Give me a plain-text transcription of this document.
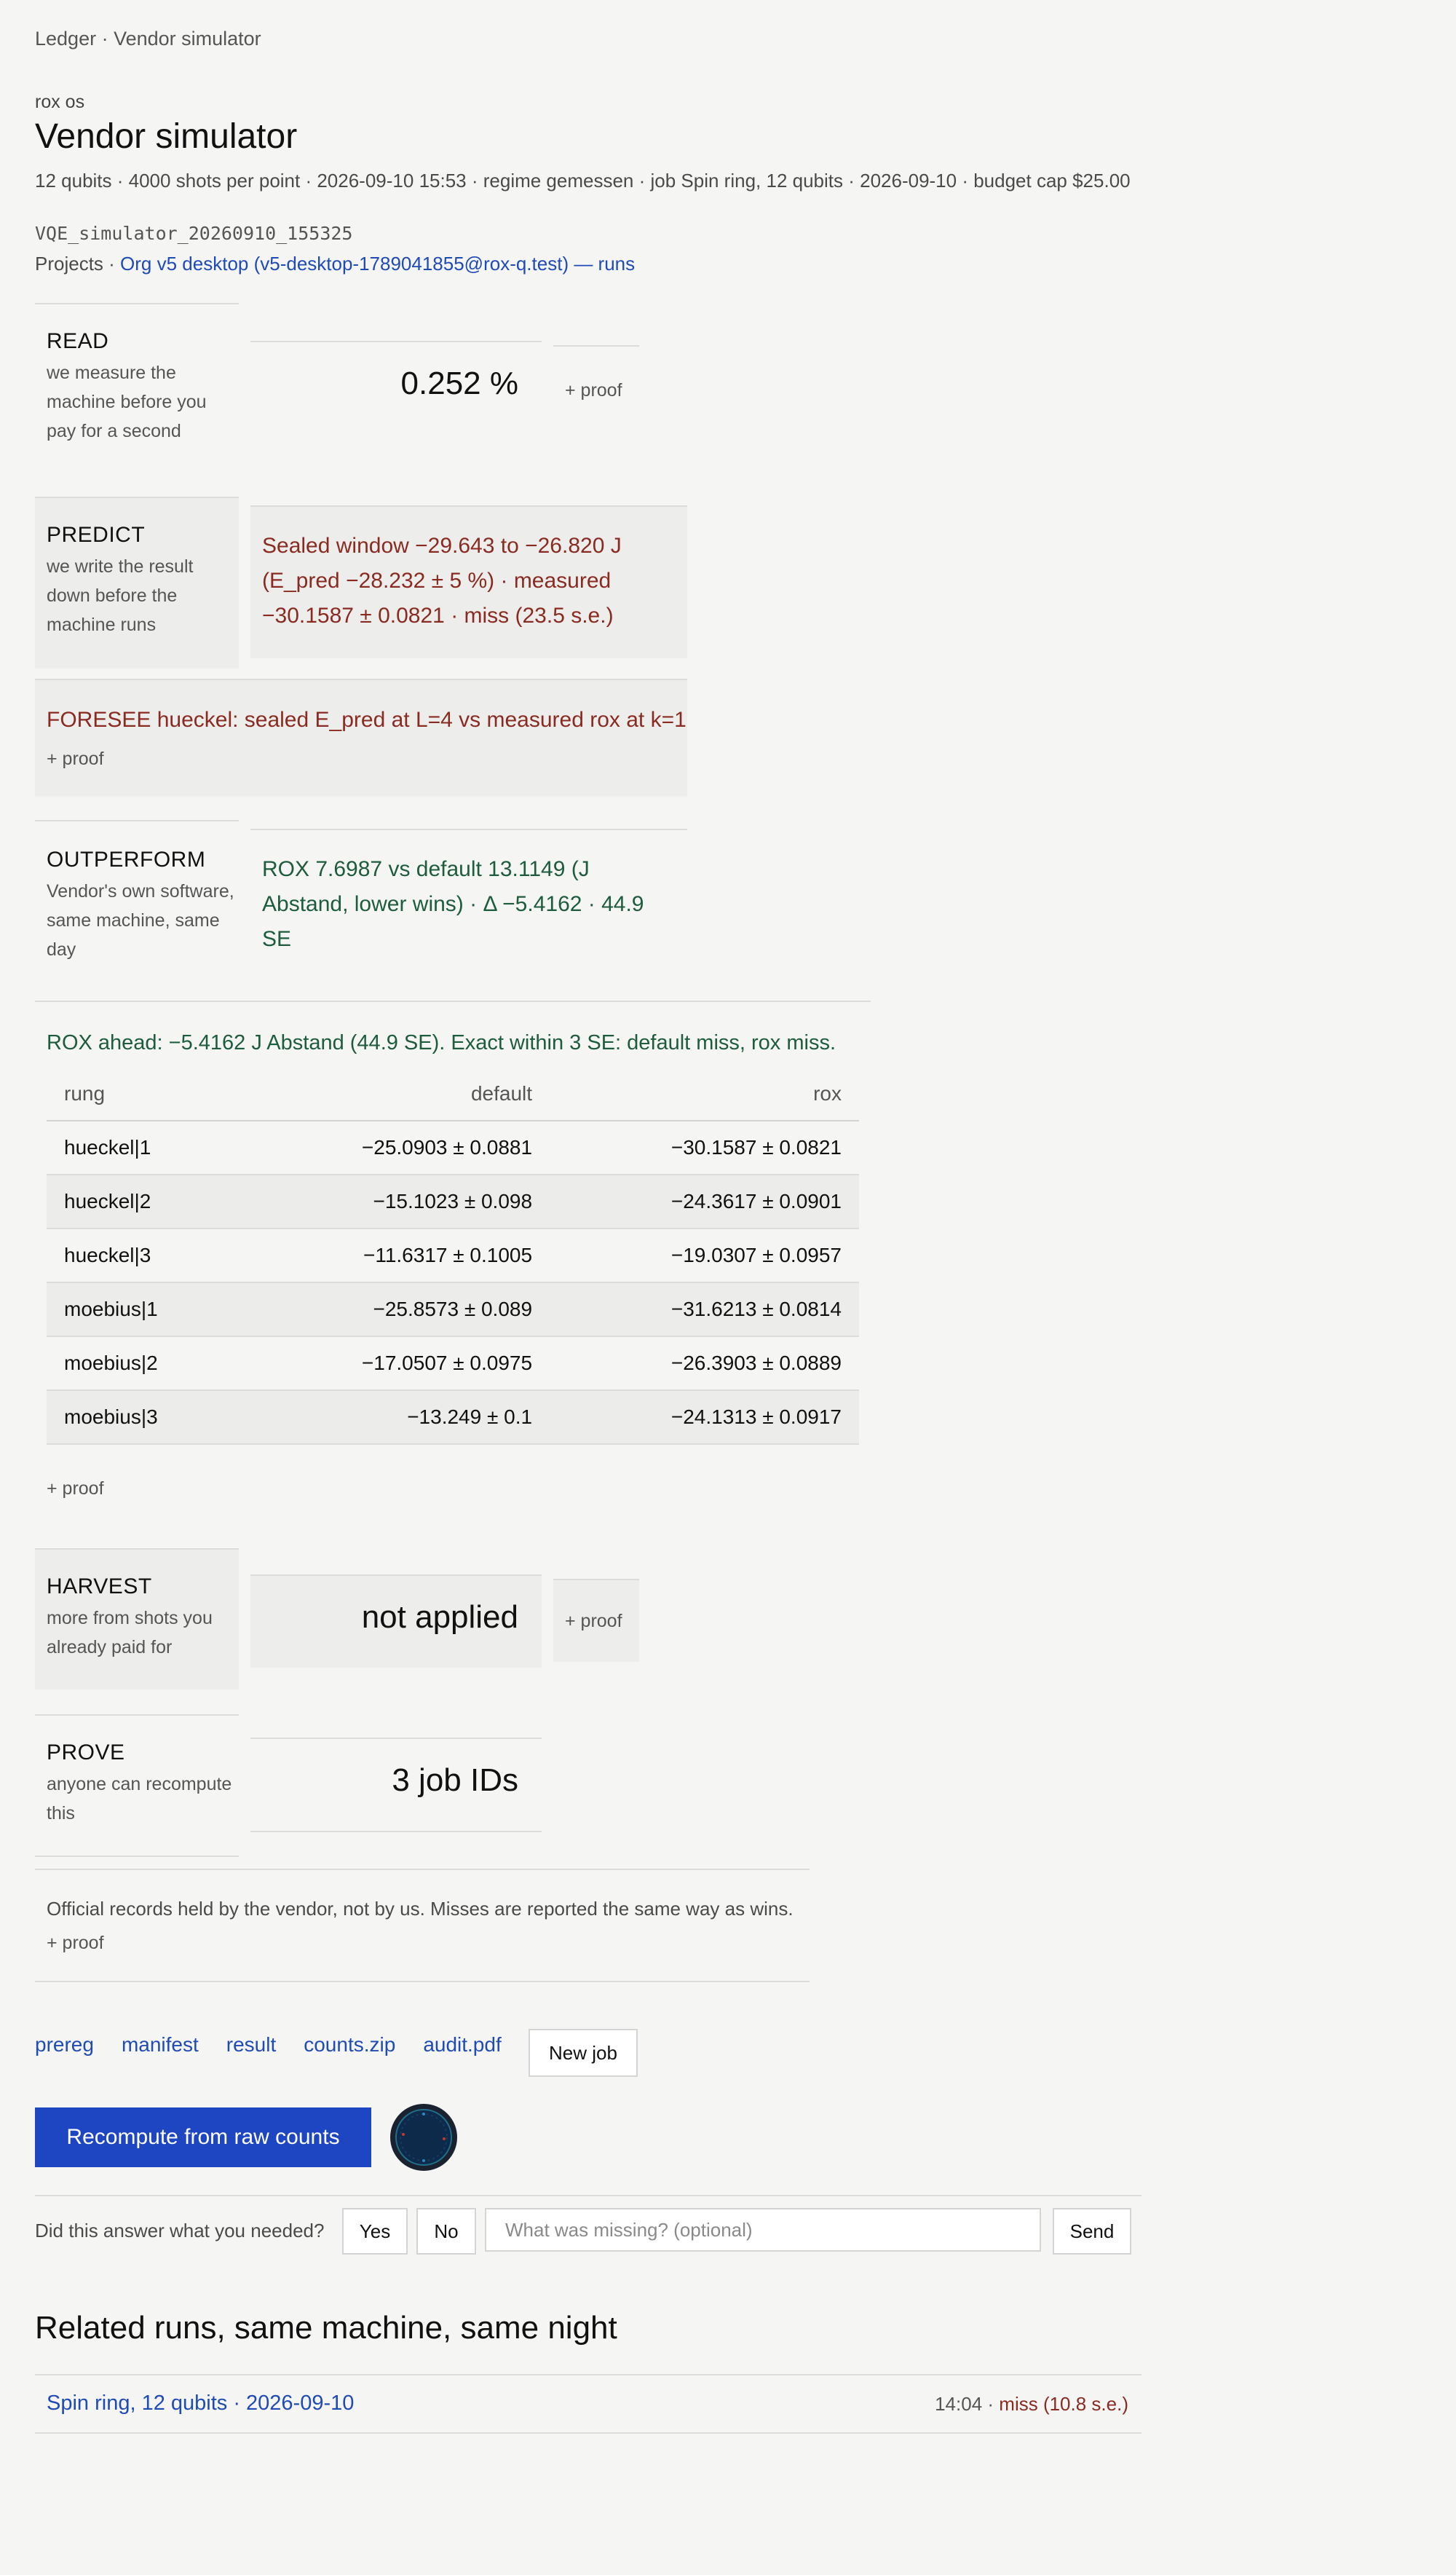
Ledger · Vendor simulator
rox os
Vendor simulator
12 qubits · 4000 shots per point · 2026-09-10 15:53 · regime gemessen · job Spin ring, 12 qubits · 2026-09-10 · budget cap $25.00
VQE_simulator_20260910_155325
Projects · Org v5 desktop (v5-desktop-1789041855@rox-q.test) — runs
READ
we measure the machine before you pay for a second
0.252 %	+ proof
PREDICT
we write the result down before the machine runs
Sealed window −29.643 to −26.820 J (E_pred −28.232 ± 5 %) · measured −30.1587 ± 0.0821 · miss (23.5 s.e.)
FORESEE hueckel: sealed E_pred at L=4 vs measured rox at k=1
+ proof
OUTPERFORM
Vendor's own software, same machine, same day
ROX 7.6987 vs default 13.1149 (J Abstand, lower wins) · Δ −5.4162 · 44.9 SE
ROX ahead: −5.4162 J Abstand (44.9 SE). Exact within 3 SE: default miss, rox miss.
rung	default	rox
hueckel|1	−25.0903 ± 0.0881	−30.1587 ± 0.0821
hueckel|2	−15.1023 ± 0.098	−24.3617 ± 0.0901
hueckel|3	−11.6317 ± 0.1005	−19.0307 ± 0.0957
moebius|1	−25.8573 ± 0.089	−31.6213 ± 0.0814
moebius|2	−17.0507 ± 0.0975	−26.3903 ± 0.0889
moebius|3	−13.249 ± 0.1	−24.1313 ± 0.0917
+ proof
HARVEST
more from shots you already paid for
not applied	+ proof
PROVE
anyone can recompute this
3 job IDs
Official records held by the vendor, not by us. Misses are reported the same way as wins.
+ proof
prereg manifest result counts.zip audit.pdf	New job
Recompute from raw counts
Did this answer what you needed?	Yes	No	What was missing? (optional)	Send
Related runs, same machine, same night
Spin ring, 12 qubits · 2026-09-10	14:04 · miss (10.8 s.e.)
